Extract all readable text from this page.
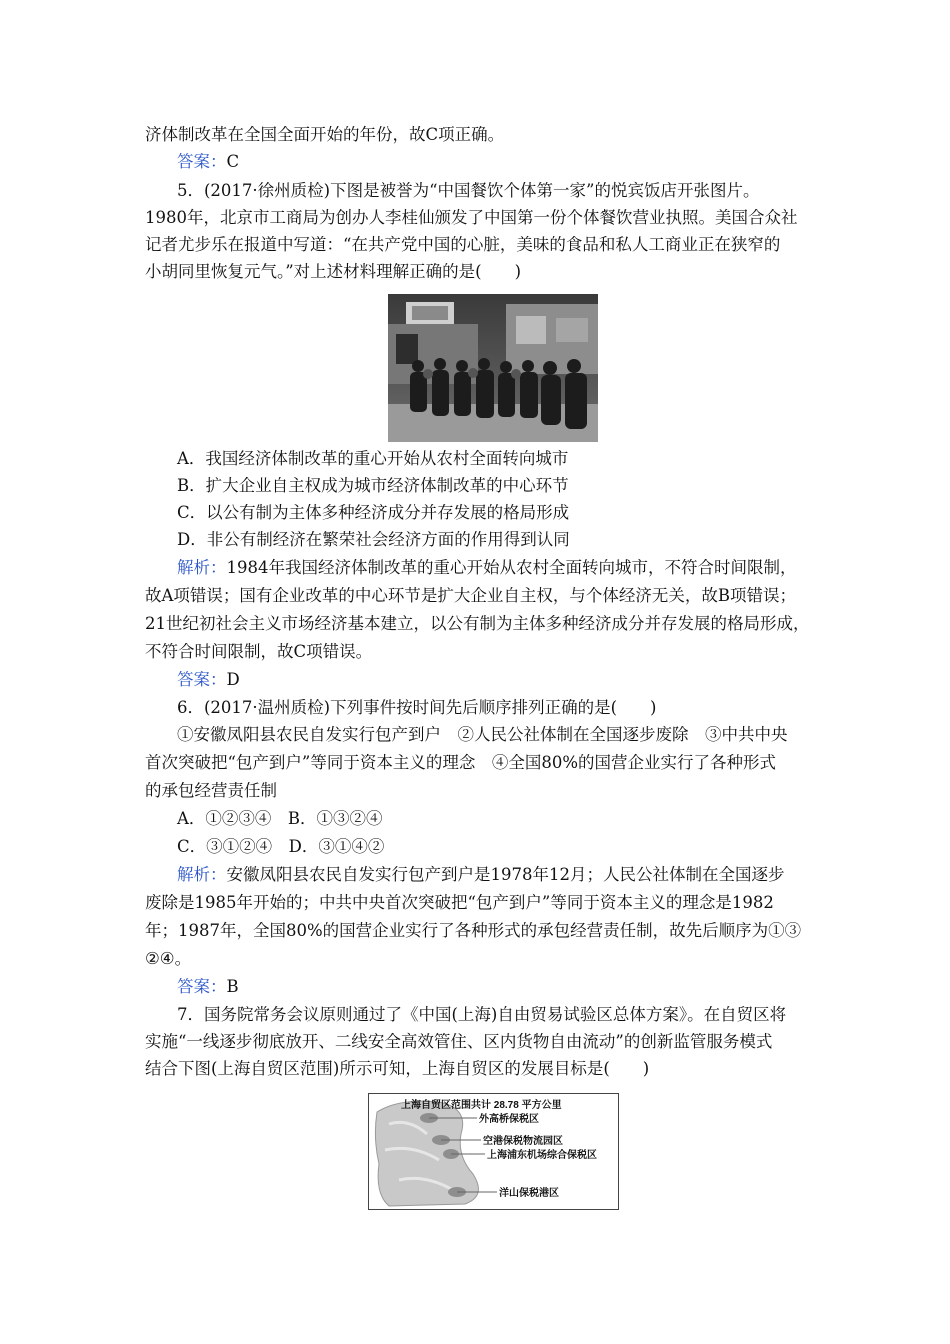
济体制改革在全国全面开始的年份，故C项正确。
答案：C
5．(2017·徐州质检)下图是被誉为“中国餐饮个体第一家”的悦宾饭店开张图片。
1980年，北京市工商局为创办人李桂仙颁发了中国第一份个体餐饮营业执照。美国合众社
记者尤步乐在报道中写道：“在共产党中国的心脏，美味的食品和私人工商业正在狭窄的
小胡同里恢复元气。”对上述材料理解正确的是(　　)
A．我国经济体制改革的重心开始从农村全面转向城市
B．扩大企业自主权成为城市经济体制改革的中心环节
C．以公有制为主体多种经济成分并存发展的格局形成
D．非公有制经济在繁荣社会经济方面的作用得到认同
解析：1984年我国经济体制改革的重心开始从农村全面转向城市，不符合时间限制，
故A项错误；国有企业改革的中心环节是扩大企业自主权，与个体经济无关，故B项错误；
21世纪初社会主义市场经济基本建立，以公有制为主体多种经济成分并存发展的格局形成，
不符合时间限制，故C项错误。
答案：D
6．(2017·温州质检)下列事件按时间先后顺序排列正确的是(　　)
①安徽凤阳县农民自发实行包产到户　②人民公社体制在全国逐步废除　③中共中央
首次突破把“包产到户”等同于资本主义的理念　④全国80%的国营企业实行了各种形式
的承包经营责任制
A．①②③④　B．①③②④
C．③①②④　D．③①④②
解析：安徽凤阳县农民自发实行包产到户是1978年12月；人民公社体制在全国逐步
废除是1985年开始的；中共中央首次突破把“包产到户”等同于资本主义的理念是1982
年；1987年，全国80%的国营企业实行了各种形式的承包经营责任制，故先后顺序为①③
②④。
答案：B
7．国务院常务会议原则通过了《中国(上海)自由贸易试验区总体方案》。在自贸区将
实施“一线逐步彻底放开、二线安全高效管住、区内货物自由流动”的创新监管服务模式
结合下图(上海自贸区范围)所示可知，上海自贸区的发展目标是(　　)
上海自贸区范围共计 28.78 平方公里
外高桥保税区
空港保税物流园区
上海浦东机场综合保税区
洋山保税港区
